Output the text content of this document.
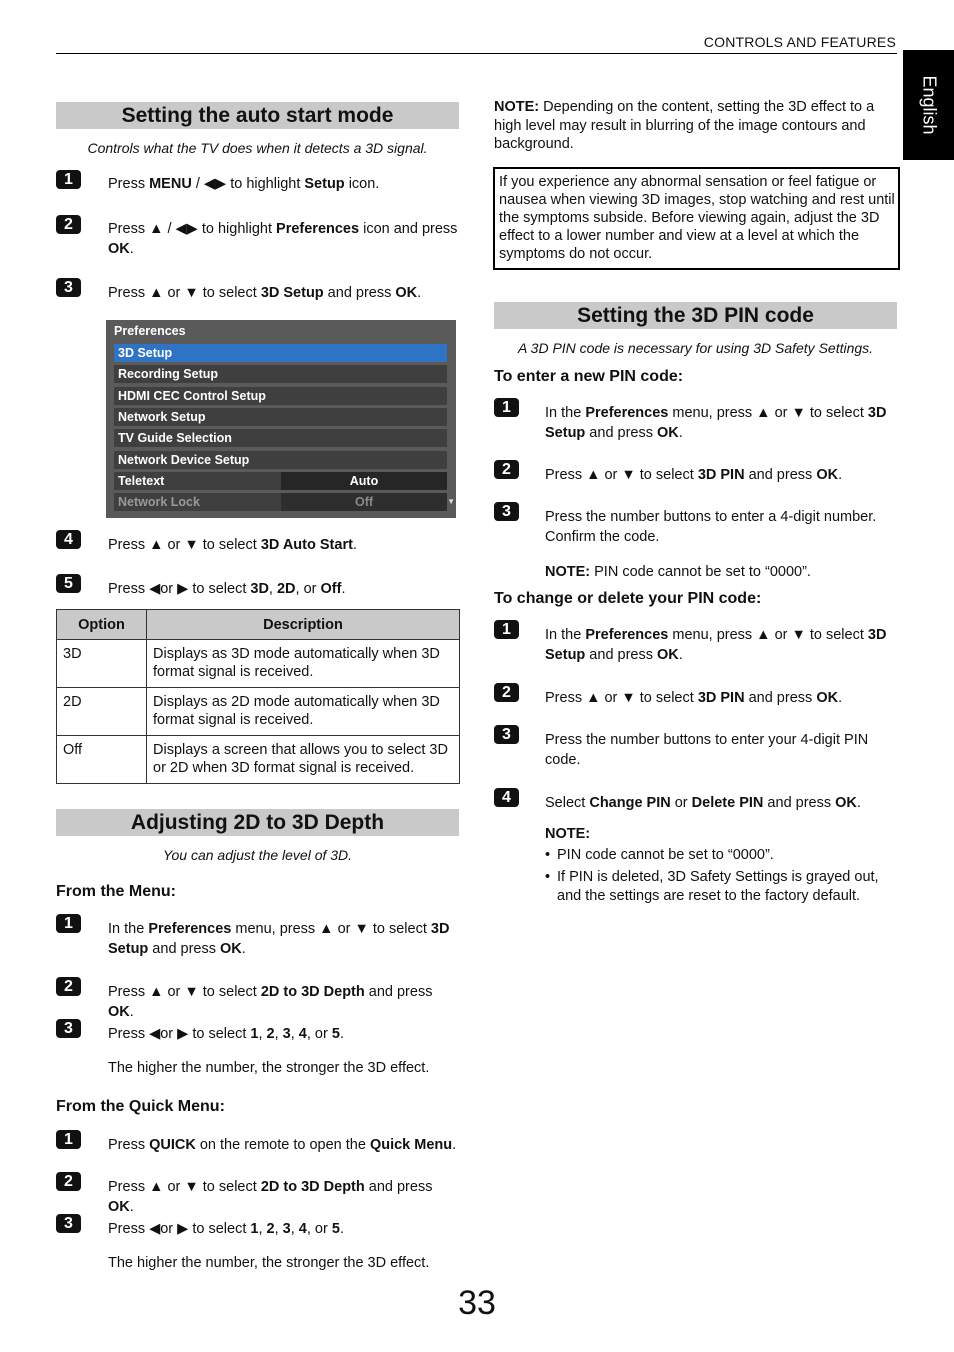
CONTROLS AND FEATURES
English
Setting the auto start mode
Controls what the TV does when it detects a 3D signal.
1	Press MENU / ◀▶ to highlight Setup icon.
2	Press ▲ / ◀▶ to highlight Preferences icon and press OK.
3	Press ▲ or ▼ to select 3D Setup and press OK.
Preferences
3D Setup
Recording Setup
HDMI CEC Control Setup
Network Setup
TV Guide Selection
Network Device Setup
Teletext	Auto
Network Lock	Off	▼
4	Press ▲ or ▼ to select 3D Auto Start.
5	Press ◀or ▶ to select 3D, 2D, or Off.
Option	Description
3D	Displays as 3D mode automatically when 3D format signal is received.
2D	Displays as 2D mode automatically when 3D format signal is received.
Off	Displays a screen that allows you to select 3D or 2D when 3D format signal is received.
Adjusting 2D to 3D Depth
You can adjust the level of 3D.
From the Menu:
1	In the Preferences menu, press ▲ or ▼ to select 3D Setup and press OK.
2	Press ▲ or ▼ to select 2D to 3D Depth and press OK.
3	Press ◀or ▶ to select 1, 2, 3, 4, or 5.
The higher the number, the stronger the 3D effect.
From the Quick Menu:
1	Press QUICK on the remote to open the Quick Menu.
2	Press ▲ or ▼ to select 2D to 3D Depth and press OK.
3	Press ◀or ▶ to select 1, 2, 3, 4, or 5.
The higher the number, the stronger the 3D effect.
NOTE: Depending on the content, setting the 3D effect to a high level may result in blurring of the image contours and background.
If you experience any abnormal sensation or feel fatigue or nausea when viewing 3D images, stop watching and rest until the symptoms subside. Before viewing again, adjust the 3D effect to a lower number and view at a level at which the symptoms do not occur.
Setting the 3D PIN code
A 3D PIN code is necessary for using 3D Safety Settings.
To enter a new PIN code:
1	In the Preferences menu, press ▲ or ▼ to select 3D Setup and press OK.
2	Press ▲ or ▼ to select 3D PIN and press OK.
3	Press the number buttons to enter a 4-digit number. Confirm the code.
NOTE: PIN code cannot be set to “0000”.
To change or delete your PIN code:
1	In the Preferences menu, press ▲ or ▼ to select 3D Setup and press OK.
2	Press ▲ or ▼ to select 3D PIN and press OK.
3	Press the number buttons to enter your 4-digit PIN code.
4	Select Change PIN or Delete PIN and press OK.
NOTE:
• PIN code cannot be set to “0000”.
• If PIN is deleted, 3D Safety Settings is grayed out, and the settings are reset to the factory default.
33
